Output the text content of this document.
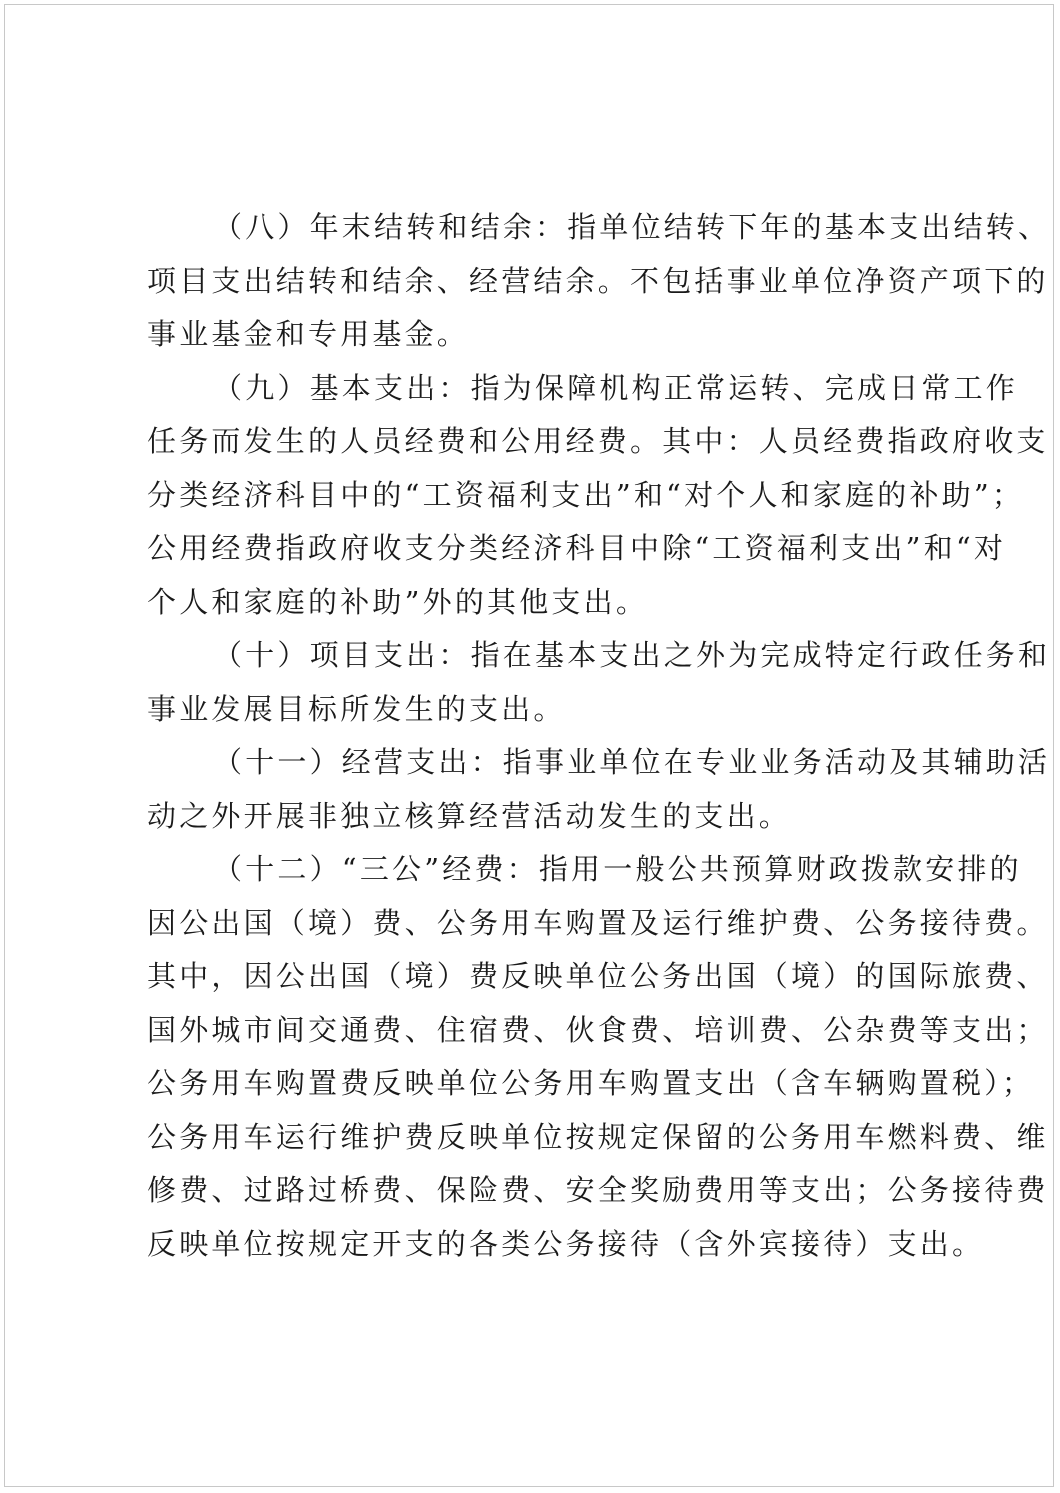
（八）年末结转和结余：指单位结转下年的基本支出结转、
项目支出结转和结余、经营结余。不包括事业单位净资产项下的
事业基金和专用基金。
（九）基本支出：指为保障机构正常运转、完成日常工作
任务而发生的人员经费和公用经费。其中：人员经费指政府收支
分类经济科目中的“工资福利支出”和“对个人和家庭的补助”；
公用经费指政府收支分类经济科目中除“工资福利支出”和“对
个人和家庭的补助”外的其他支出。
（十）项目支出：指在基本支出之外为完成特定行政任务和
事业发展目标所发生的支出。
（十一）经营支出：指事业单位在专业业务活动及其辅助活
动之外开展非独立核算经营活动发生的支出。
（十二）“三公”经费：指用一般公共预算财政拨款安排的
因公出国（境）费、公务用车购置及运行维护费、公务接待费。
其中，因公出国（境）费反映单位公务出国（境）的国际旅费、
国外城市间交通费、住宿费、伙食费、培训费、公杂费等支出；
公务用车购置费反映单位公务用车购置支出（含车辆购置税）；
公务用车运行维护费反映单位按规定保留的公务用车燃料费、维
修费、过路过桥费、保险费、安全奖励费用等支出；公务接待费
反映单位按规定开支的各类公务接待（含外宾接待）支出。
